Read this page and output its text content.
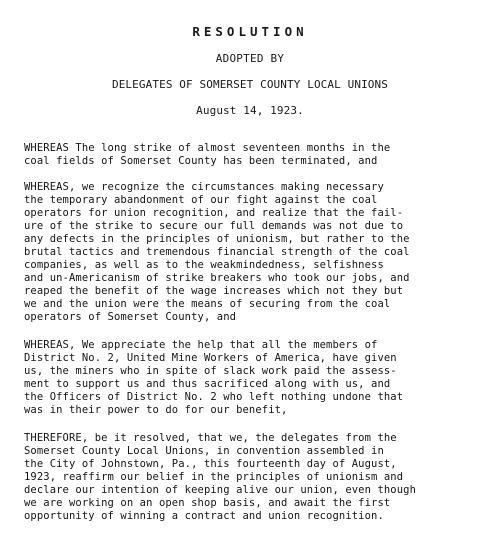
RESOLUTION
ADOPTED BY
DELEGATES OF SOMERSET COUNTY LOCAL UNIONS
August 14, 1923.
WHEREAS The long strike of almost seventeen months in the
coal fields of Somerset County has been terminated, and
WHEREAS, we recognize the circumstances making necessary
the temporary abandonment of our fight against the coal
operators for union recognition, and realize that the fail-
ure of the strike to secure our full demands was not due to
any defects in the principles of unionism, but rather to the
brutal tactics and tremendous financial strength of the coal
companies, as well as to the weakmindedness, selfishness
and un-Americanism of strike breakers who took our jobs, and
reaped the benefit of the wage increases which not they but
we and the union were the means of securing from the coal
operators of Somerset County, and
WHEREAS, We appreciate the help that all the members of
District No. 2, United Mine Workers of America, have given
us, the miners who in spite of slack work paid the assess-
ment to support us and thus sacrificed along with us, and
the Officers of District No. 2 who left nothing undone that
was in their power to do for our benefit,
THEREFORE, be it resolved, that we, the delegates from the
Somerset County Local Unions, in convention assembled in
the City of Johnstown, Pa., this fourteenth day of August,
1923, reaffirm our belief in the principles of unionism and
declare our intention of keeping alive our union, even though
we are working on an open shop basis, and await the first
opportunity of winning a contract and union recognition.
